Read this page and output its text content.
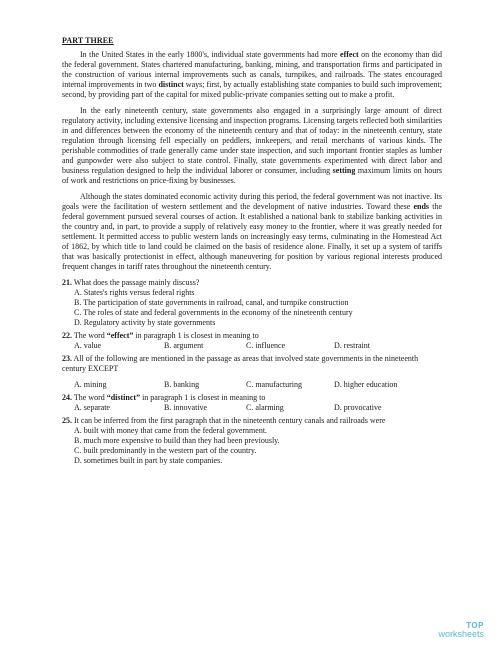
PART THREE

In the United States in the early 1800's, individual state governments had more effect on the economy than did the federal government. States chartered manufacturing, banking, mining, and transportation firms and participated in the construction of various internal improvements such as canals, turnpikes, and railroads. The states encouraged internal improvements in two distinct ways; first, by actually establishing state companies to build such improvement; second, by providing part of the capital for mixed public-private companies setting out to make a profit.

In the early nineteenth century, state governments also engaged in a surprisingly large amount of direct regulatory activity, including extensive licensing and inspection programs. Licensing targets reflected both similarities in and differences between the economy of the nineteenth century and that of today: in the nineteenth century, state regulation through licensing fell especially on peddlers, innkeepers, and retail merchants of various kinds. The perishable commodities of trade generally came under state inspection, and such important frontier staples as lumber and gunpowder were also subject to state control. Finally, state governments experimented with direct labor and business regulation designed to help the individual laborer or consumer, including setting maximum limits on hours of work and restrictions on price-fixing by businesses.

Although the states dominated economic activity during this period, the federal government was not inactive. Its goals were the facilitation of western settlement and the development of native industries. Toward these ends the federal government pursued several courses of action. It established a national bank to stabilize banking activities in the country and, in part, to provide a supply of relatively easy money to the frontier, where it was greatly needed for settlement. It permitted access to public western lands on increasingly easy terms, culminating in the Homestead Act of 1862, by which title to land could be claimed on the basis of residence alone. Finally, it set up a system of tariffs that was basically protectionist in effect, although maneuvering for position by various regional interests produced frequent changes in tariff rates throughout the nineteenth century.

21. What does the passage mainly discuss?

A. States's rights versus federal rights

B. The participation of state governments in railroad, canal, and turnpike construction

C. The roles of state and federal governments in the economy of the nineteenth century

D. Regulatory activity by state governments

22. The word “effect” in paragraph 1 is closest in meaning to

A. value	B. argument	C. influence	D. restraint

23. All of the following are mentioned in the passage as areas that involved state governments in the nineteenth century EXCEPT

A. mining	B. banking	C. manufacturing	D. higher education

24. The word “distinct” in paragraph 1 is closest in meaning to

A. separate	B. innovative	C. alarming	D. provocative

25. It can be inferred from the first paragraph that in the nineteenth century canals and railroads were

A. built with money that came from the federal government.

B. much more expensive to build than they had been previously.

C. built predominantly in the western part of the country.

D. sometimes built in part by state companies.

TOP
worksheets
